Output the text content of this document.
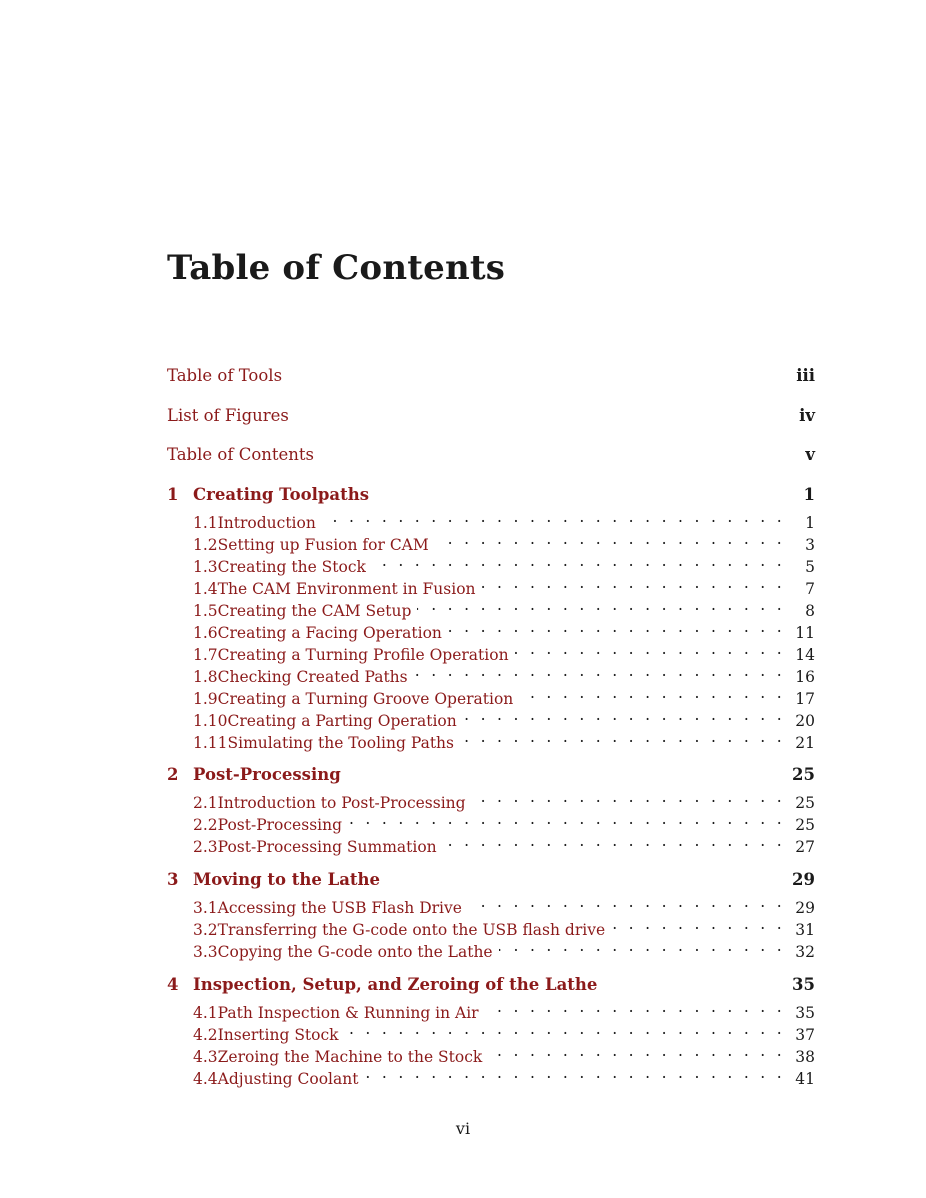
Table of Contents
Table of Tools	iii
List of Figures	iv
Table of Contents	v
1 Creating Toolpaths	1
1.1 Introduction . . .	1
1.2 Setting up Fusion for CAM . . .	3
1.3 Creating the Stock . . .	5
1.4 The CAM Environment in Fusion . . .	7
1.5 Creating the CAM Setup . . .	8
1.6 Creating a Facing Operation . . .	11
1.7 Creating a Turning Profile Operation . . .	14
1.8 Checking Created Paths . . .	16
1.9 Creating a Turning Groove Operation . . .	17
1.10 Creating a Parting Operation . . .	20
1.11 Simulating the Tooling Paths . . .	21
2 Post-Processing	25
2.1 Introduction to Post-Processing . . .	25
2.2 Post-Processing . . .	25
2.3 Post-Processing Summation . . .	27
3 Moving to the Lathe	29
3.1 Accessing the USB Flash Drive . . .	29
3.2 Transferring the G-code onto the USB flash drive . . .	31
3.3 Copying the G-code onto the Lathe . . .	32
4 Inspection, Setup, and Zeroing of the Lathe	35
4.1 Path Inspection & Running in Air . . .	35
4.2 Inserting Stock . . .	37
4.3 Zeroing the Machine to the Stock . . .	38
4.4 Adjusting Coolant . . .	41
vi
